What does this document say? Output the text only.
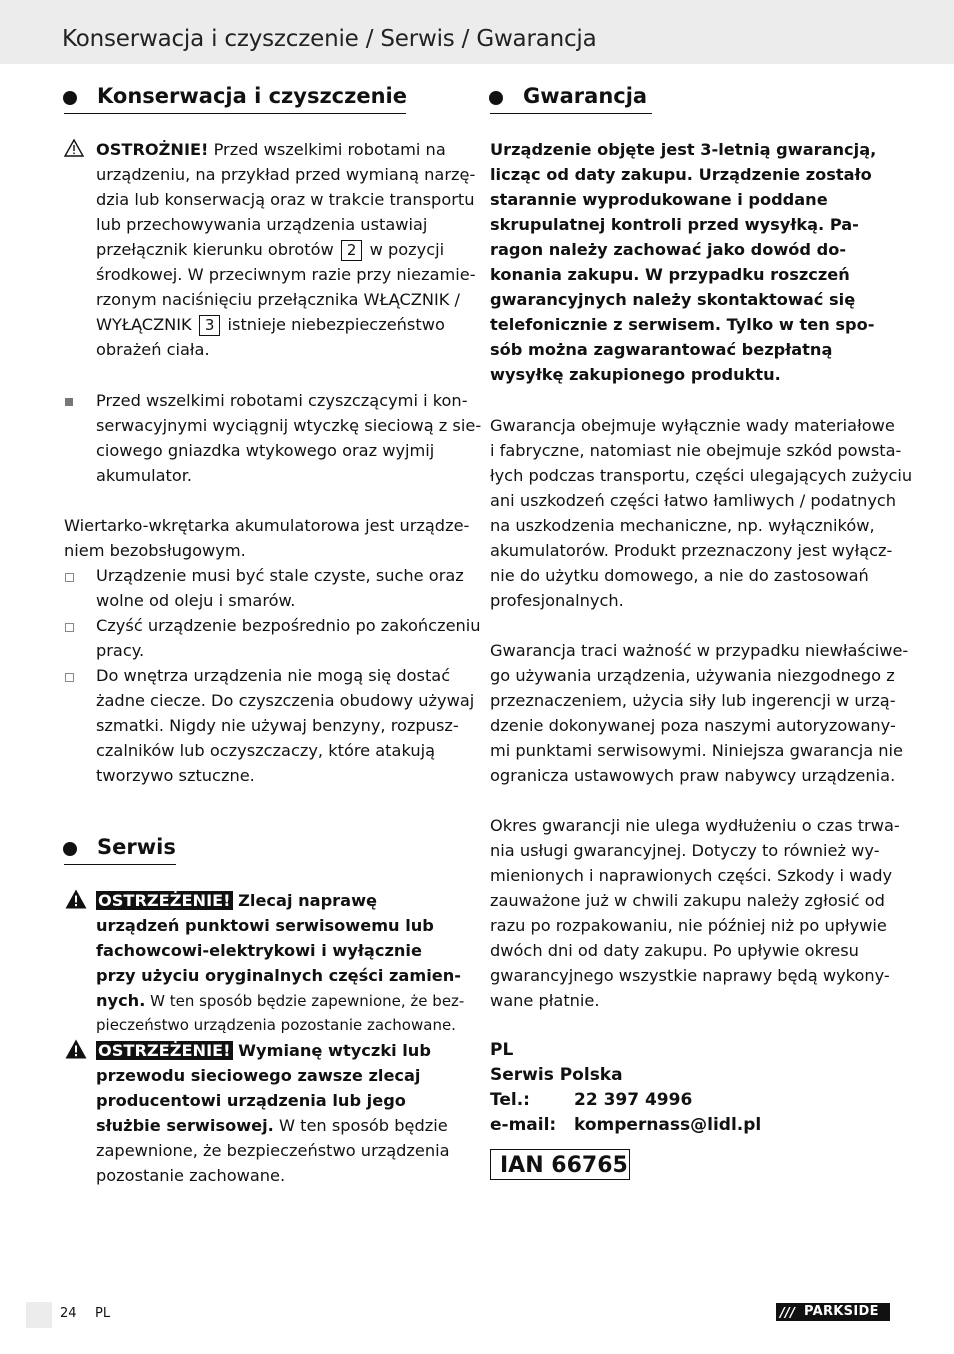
Konserwacja i czyszczenie / Serwis / Gwarancja
Konserwacja i czyszczenie
OSTROŻNIE! Przed wszelkimi robotami na
urządzeniu, na przykład przed wymianą narzę-
dzia lub konserwacją oraz w trakcie transportu
lub przechowywania urządzenia ustawiaj
przełącznik kierunku obrotów 2 w pozycji
środkowej. W przeciwnym razie przy niezamie-
rzonym naciśnięciu przełącznika WŁĄCZNIK /
WYŁĄCZNIK 3 istnieje niebezpieczeństwo
obrażeń ciała.
Przed wszelkimi robotami czyszczącymi i kon-
serwacyjnymi wyciągnij wtyczkę sieciową z sie-
ciowego gniazdka wtykowego oraz wyjmij
akumulator.
Wiertarko-wkrętarka akumulatorowa jest urządze-
niem bezobsługowym.
Urządzenie musi być stale czyste, suche oraz
wolne od oleju i smarów.
Czyść urządzenie bezpośrednio po zakończeniu
pracy.
Do wnętrza urządzenia nie mogą się dostać
żadne ciecze. Do czyszczenia obudowy używaj
szmatki. Nigdy nie używaj benzyny, rozpusz-
czalników lub oczyszczaczy, które atakują
tworzywo sztuczne.
Serwis
OSTRZEŻENIE! Zlecaj naprawę
urządzeń punktowi serwisowemu lub
fachowcowi-elektrykowi i wyłącznie
przy użyciu oryginalnych części zamien-
nych. W ten sposób będzie zapewnione, że bez-
pieczeństwo urządzenia pozostanie zachowane.
OSTRZEŻENIE! Wymianę wtyczki lub
przewodu sieciowego zawsze zlecaj
producentowi urządzenia lub jego
służbie serwisowej. W ten sposób będzie
zapewnione, że bezpieczeństwo urządzenia
pozostanie zachowane.
Gwarancja
Urządzenie objęte jest 3-letnią gwarancją,
licząc od daty zakupu. Urządzenie zostało
starannie wyprodukowane i poddane
skrupulatnej kontroli przed wysyłką. Pa-
ragon należy zachować jako dowód do-
konania zakupu. W przypadku roszczeń
gwarancyjnych należy skontaktować się
telefonicznie z serwisem. Tylko w ten spo-
sób można zagwarantować bezpłatną
wysyłkę zakupionego produktu.
Gwarancja obejmuje wyłącznie wady materiałowe
i fabryczne, natomiast nie obejmuje szkód powsta-
łych podczas transportu, części ulegających zużyciu
ani uszkodzeń części łatwo łamliwych / podatnych
na uszkodzenia mechaniczne, np. wyłączników,
akumulatorów. Produkt przeznaczony jest wyłącz-
nie do użytku domowego, a nie do zastosowań
profesjonalnych.
Gwarancja traci ważność w przypadku niewłaściwe-
go używania urządzenia, używania niezgodnego z
przeznaczeniem, użycia siły lub ingerencji w urzą-
dzenie dokonywanej poza naszymi autoryzowany-
mi punktami serwisowymi. Niniejsza gwarancja nie
ogranicza ustawowych praw nabywcy urządzenia.
Okres gwarancji nie ulega wydłużeniu o czas trwa-
nia usługi gwarancyjnej. Dotyczy to również wy-
mienionych i naprawionych części. Szkody i wady
zauważone już w chwili zakupu należy zgłosić od
razu po rozpakowaniu, nie później niż po upływie
dwóch dni od daty zakupu. Po upływie okresu
gwarancyjnego wszystkie naprawy będą wykony-
wane płatnie.
PL
Serwis Polska
Tel.:	22 397 4996
e-mail: kompernass@lidl.pl
IAN 66765
24 PL	/// PARKSIDE
